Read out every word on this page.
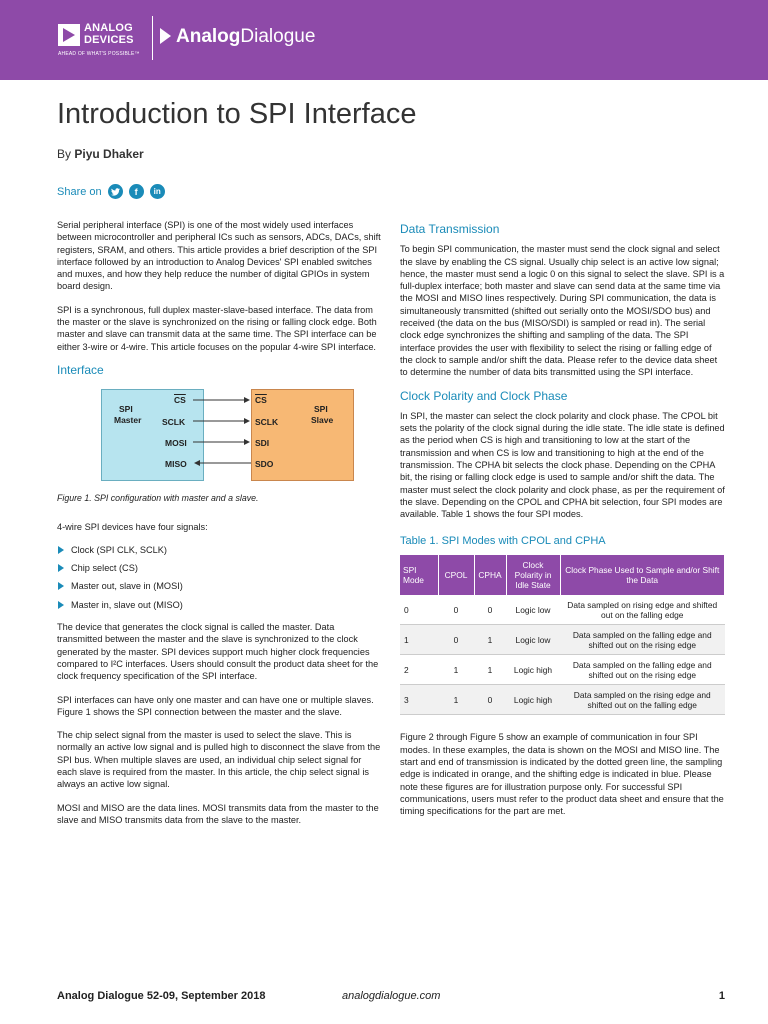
ANALOG
DEVICES
AHEAD OF WHAT'S POSSIBLE™
AnalogDialogue
Introduction to SPI Interface
By Piyu Dhaker
Share on	f	in

Serial peripheral interface (SPI) is one of the most widely used interfaces between microcontroller and peripheral ICs such as sensors, ADCs, DACs, shift registers, SRAM, and others. This article provides a brief description of the SPI interface followed by an introduction to Analog Devices' SPI enabled switches and muxes, and how they help reduce the number of digital GPIOs in system board design.

SPI is a synchronous, full duplex master-slave-based interface. The data from the master or the slave is synchronized on the rising or falling clock edge. Both master and slave can transmit data at the same time. The SPI interface can be either 3-wire or 4-wire. This article focuses on the popular 4-wire SPI interface.

Interface
SPI
Master
SPI
Slave
$\overline{CS}$
SCLK
MOSI
MISO
$\overline{CS}$
SCLK
SDI
SDO
Figure 1. SPI configuration with master and a slave.

4-wire SPI devices have four signals:

Clock (SPI CLK, SCLK)
Chip select (CS)
Master out, slave in (MOSI)
Master in, slave out (MISO)

The device that generates the clock signal is called the master. Data transmitted between the master and the slave is synchronized to the clock generated by the master. SPI devices support much higher clock frequencies compared to I²C interfaces. Users should consult the product data sheet for the clock frequency specification of the SPI interface.

SPI interfaces can have only one master and can have one or multiple slaves. Figure 1 shows the SPI connection between the master and the slave.

The chip select signal from the master is used to select the slave. This is normally an active low signal and is pulled high to disconnect the slave from the SPI bus. When multiple slaves are used, an individual chip select signal for each slave is required from the master. In this article, the chip select signal is always an active low signal.

MOSI and MISO are the data lines. MOSI transmits data from the master to the slave and MISO transmits data from the slave to the master.

Data Transmission

To begin SPI communication, the master must send the clock signal and select the slave by enabling the CS signal. Usually chip select is an active low signal; hence, the master must send a logic 0 on this signal to select the slave. SPI is a full-duplex interface; both master and slave can send data at the same time via the MOSI and MISO lines respectively. During SPI communication, the data is simultaneously transmitted (shifted out serially onto the MOSI/SDO bus) and received (the data on the bus (MISO/SDI) is sampled or read in). The serial clock edge synchronizes the shifting and sampling of the data. The SPI interface provides the user with flexibility to select the rising or falling edge of the clock to sample and/or shift the data. Please refer to the device data sheet to determine the number of data bits transmitted using the SPI interface.

Clock Polarity and Clock Phase

In SPI, the master can select the clock polarity and clock phase. The CPOL bit sets the polarity of the clock signal during the idle state. The idle state is defined as the period when CS is high and transitioning to low at the start of the transmission and when CS is low and transitioning to high at the end of the transmission. The CPHA bit selects the clock phase. Depending on the CPHA bit, the rising or falling clock edge is used to sample and/or shift the data. The master must select the clock polarity and clock phase, as per the requirement of the slave. Depending on the CPOL and CPHA bit selection, four SPI modes are available. Table 1 shows the four SPI modes.

Table 1. SPI Modes with CPOL and CPHA
SPI Mode	CPOL	CPHA	Clock Polarity in Idle State	Clock Phase Used to Sample and/or Shift the Data
0	0	0	Logic low	Data sampled on rising edge and shifted out on the falling edge
1	0	1	Logic low	Data sampled on the falling edge and shifted out on the rising edge
2	1	1	Logic high	Data sampled on the falling edge and shifted out on the rising edge
3	1	0	Logic high	Data sampled on the rising edge and shifted out on the falling edge

Figure 2 through Figure 5 show an example of communication in four SPI modes. In these examples, the data is shown on the MOSI and MISO line. The start and end of transmission is indicated by the dotted green line, the sampling edge is indicated in orange, and the shifting edge is indicated in blue. Please note these figures are for illustration purpose only. For successful SPI communications, users must refer to the product data sheet and ensure that the timing specifications for the part are met.

Analog Dialogue 52-09, September 2018	analogdialogue.com	1
